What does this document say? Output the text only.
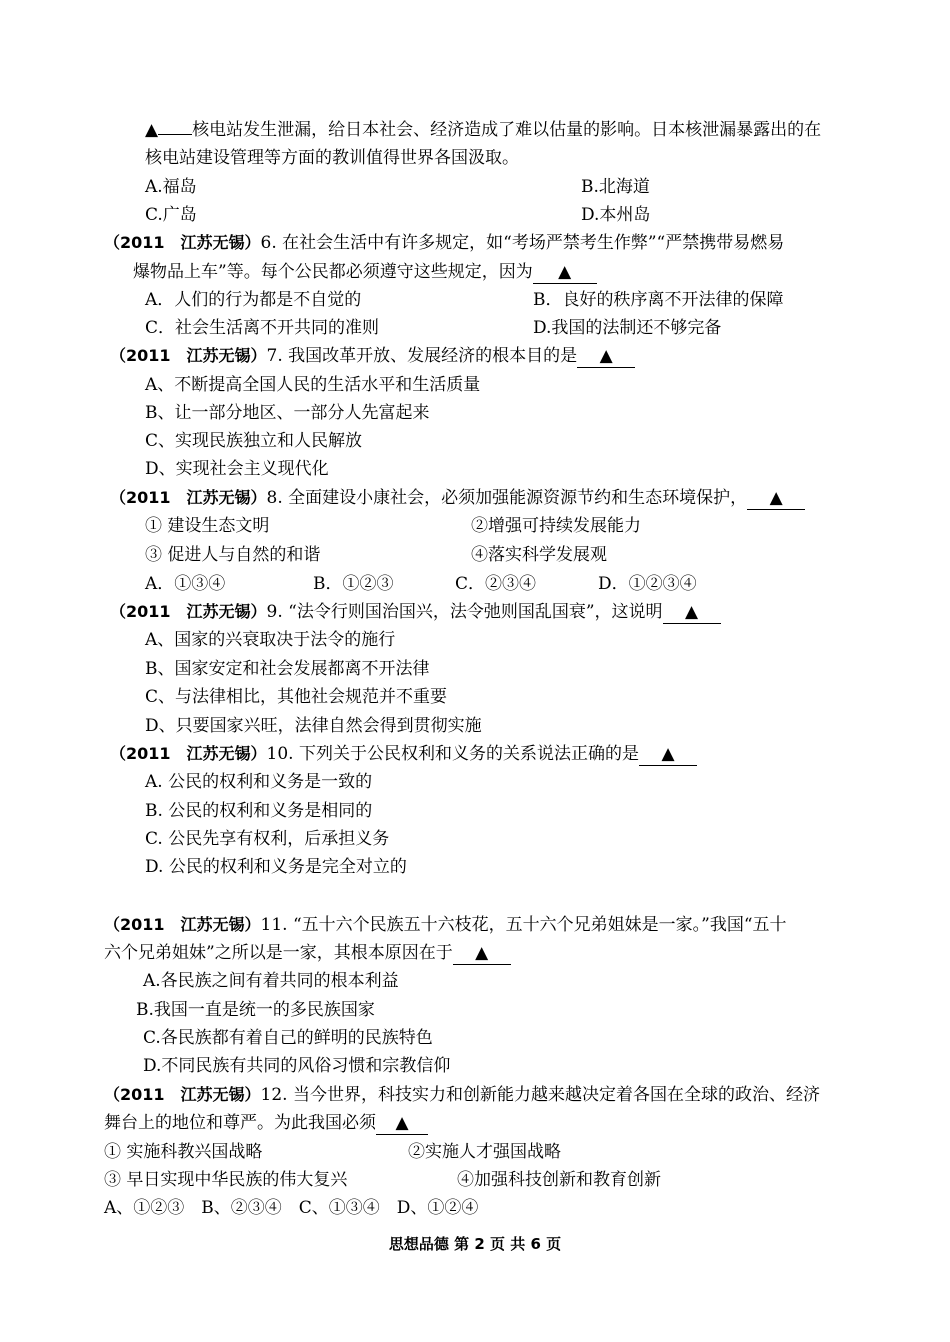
▲ 核电站发生泄漏，给日本社会、经济造成了难以估量的影响。日本核泄漏暴露出的在
核电站建设管理等方面的教训值得世界各国汲取。
A.福岛	B.北海道
C.广岛	D.本州岛
（2011　江苏无锡）6. 在社会生活中有许多规定，如“考场严禁考生作弊”“严禁携带易燃易
爆物品上车”等。每个公民都必须遵守这些规定，因为 ▲
A．人们的行为都是不自觉的	B．良好的秩序离不开法律的保障
C．社会生活离不开共同的准则	D.我国的法制还不够完备
（2011　江苏无锡）7. 我国改革开放、发展经济的根本目的是 ▲
A、不断提高全国人民的生活水平和生活质量
B、让一部分地区、一部分人先富起来
C、实现民族独立和人民解放
D、实现社会主义现代化
（2011　江苏无锡）8. 全面建设小康社会，必须加强能源资源节约和生态环境保护， ▲
① 建设生态文明	②增强可持续发展能力
③ 促进人与自然的和谐	④落实科学发展观
A．①③④	B．①②③	C．②③④	D．①②③④
（2011　江苏无锡）9. “法令行则国治国兴，法令弛则国乱国衰”，这说明 ▲
A、国家的兴衰取决于法令的施行
B、国家安定和社会发展都离不开法律
C、与法律相比，其他社会规范并不重要
D、只要国家兴旺，法律自然会得到贯彻实施
（2011　江苏无锡）10. 下列关于公民权利和义务的关系说法正确的是 ▲
A. 公民的权利和义务是一致的
B. 公民的权利和义务是相同的
C. 公民先享有权利，后承担义务
D. 公民的权利和义务是完全对立的
（2011　江苏无锡）11. “五十六个民族五十六枝花，五十六个兄弟姐妹是一家。”我国“五十
六个兄弟姐妹”之所以是一家，其根本原因在于 ▲
A.各民族之间有着共同的根本利益
B.我国一直是统一的多民族国家
C.各民族都有着自己的鲜明的民族特色
D.不同民族有共同的风俗习惯和宗教信仰
（2011　江苏无锡）12. 当今世界，科技实力和创新能力越来越决定着各国在全球的政治、经济
舞台上的地位和尊严。为此我国必须 ▲
① 实施科教兴国战略	②实施人才强国战略
③ 早日实现中华民族的伟大复兴	④加强科技创新和教育创新
A、①②③　B、②③④　C、①③④　D、①②④
思想品德 第 2 页 共 6 页
